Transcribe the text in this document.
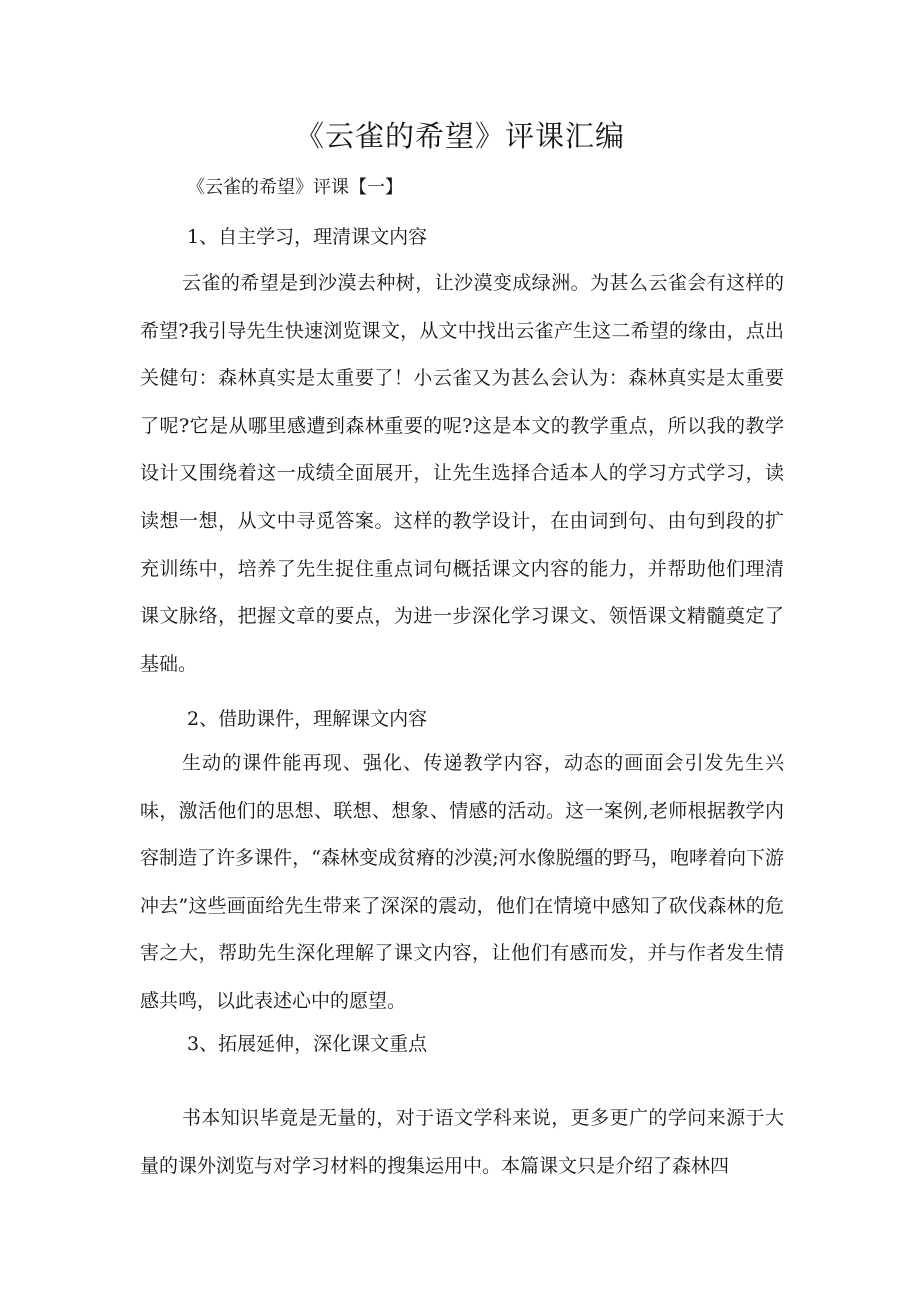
《云雀的希望》评课汇编

《云雀的希望》评课【一】

1、自主学习，理清课文内容

云雀的希望是到沙漠去种树，让沙漠变成绿洲。为甚么云雀会有这样的希望?我引导先生快速浏览课文，从文中找出云雀产生这二希望的缘由，点出关健句：森林真实是太重要了！小云雀又为甚么会认为：森林真实是太重要了呢?它是从哪里感遭到森林重要的呢?这是本文的教学重点，所以我的教学设计又围绕着这一成绩全面展开，让先生选择合适本人的学习方式学习，读读想一想，从文中寻觅答案。这样的教学设计，在由词到句、由句到段的扩充训练中，培养了先生捉住重点词句概括课文内容的能力，并帮助他们理清课文脉络，把握文章的要点，为进一步深化学习课文、领悟课文精髓奠定了基础。

2、借助课件，理解课文内容

生动的课件能再现、强化、传递教学内容，动态的画面会引发先生兴味，激活他们的思想、联想、想象、情感的活动。这一案例,老师根据教学内容制造了许多课件，“森林变成贫瘠的沙漠;河水像脱缰的野马，咆哮着向下游冲去”这些画面给先生带来了深深的震动，他们在情境中感知了砍伐森林的危害之大，帮助先生深化理解了课文内容，让他们有感而发，并与作者发生情感共鸣，以此表述心中的愿望。

3、拓展延伸，深化课文重点

书本知识毕竟是无量的，对于语文学科来说，更多更广的学问来源于大量的课外浏览与对学习材料的搜集运用中。本篇课文只是介绍了森林四
